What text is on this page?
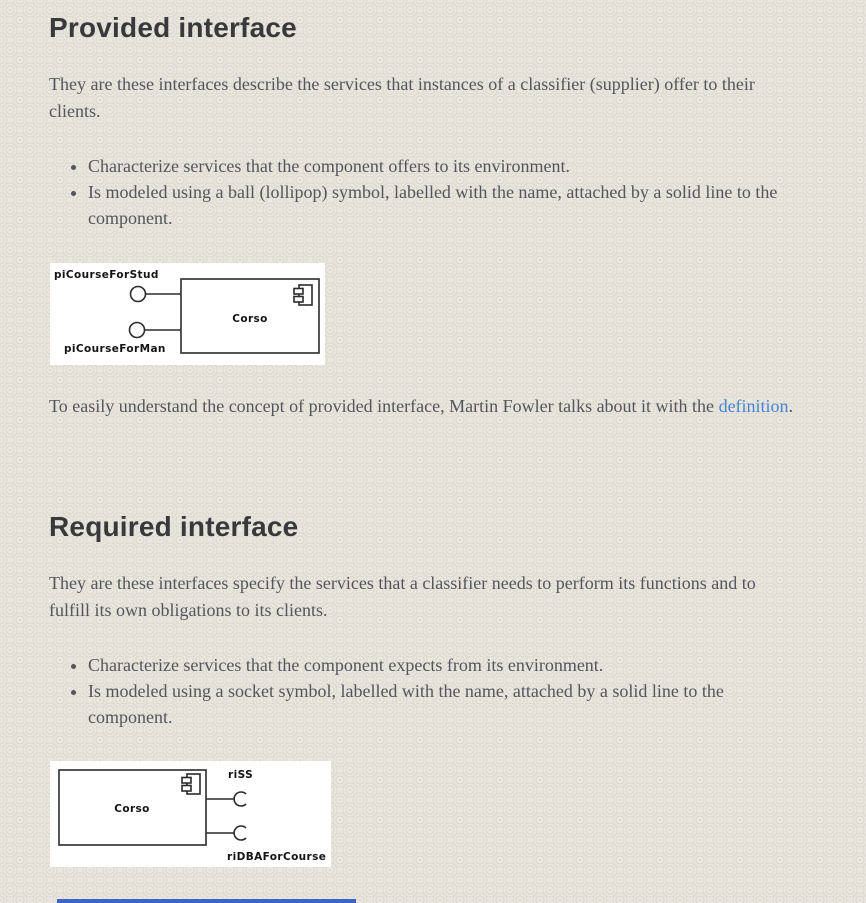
Provided interface

They are these interfaces describe the services that instances of a classifier (supplier) offer to their clients.

• Characterize services that the component offers to its environment.
• Is modeled using a ball (lollipop) symbol, labelled with the name, attached by a solid line to the component.
piCourseForStud
Corso
piCourseForMan

To easily understand the concept of provided interface, Martin Fowler talks about it with the definition.

Required interface

They are these interfaces specify the services that a classifier needs to perform its functions and to fulfill its own obligations to its clients.

• Characterize services that the component expects from its environment.
• Is modeled using a socket symbol, labelled with the name, attached by a solid line to the component.
Corso
riSS
riDBAForCourse
